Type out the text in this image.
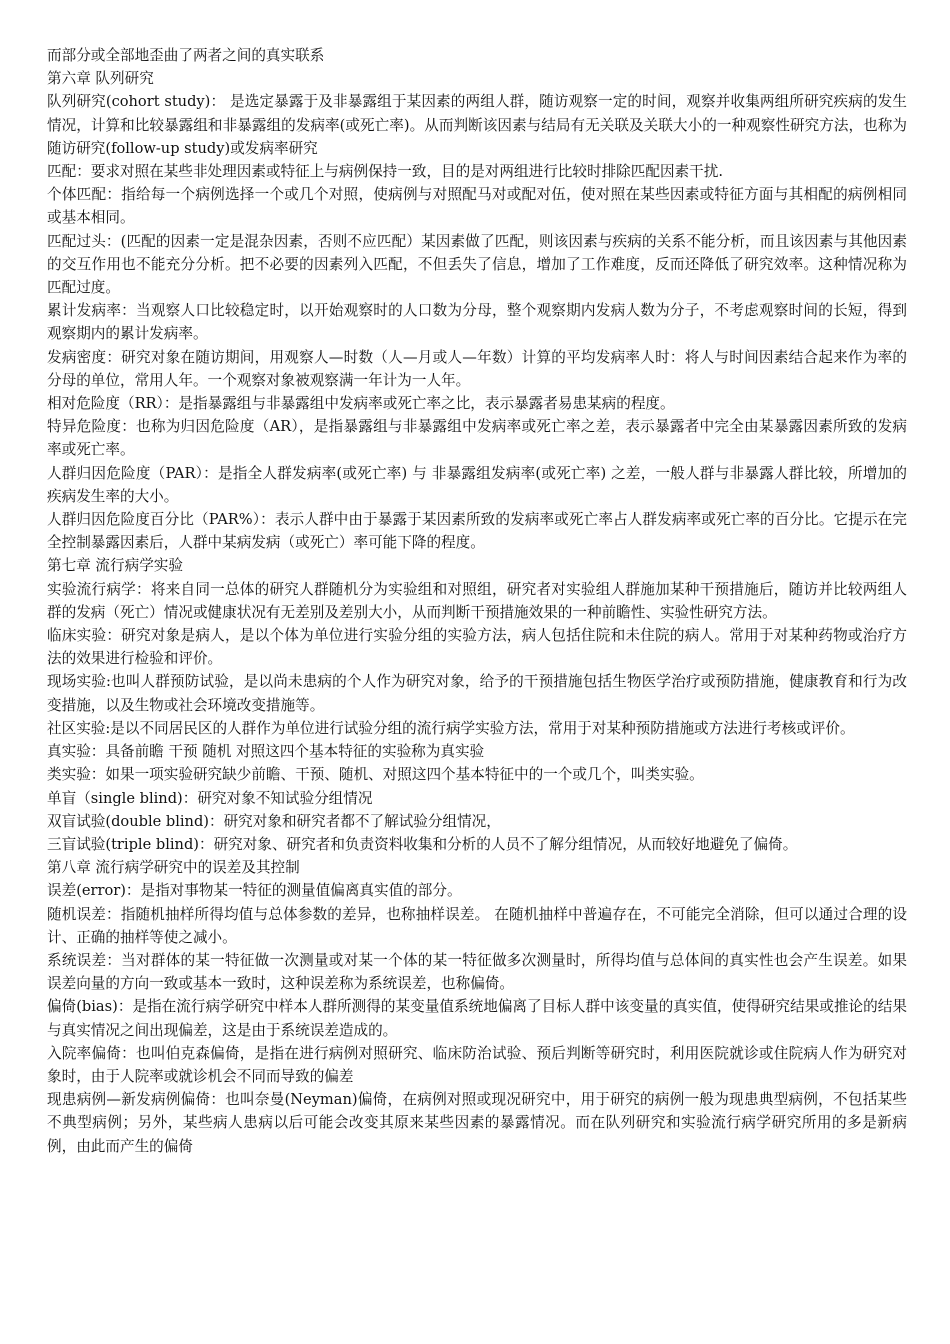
而部分或全部地歪曲了两者之间的真实联系

第六章 队列研究

队列研究(cohort study)： 是选定暴露于及非暴露组于某因素的两组人群，随访观察一定的时间，观察并收集两组所研究疾病的发生情况，计算和比较暴露组和非暴露组的发病率(或死亡率)。从而判断该因素与结局有无关联及关联大小的一种观察性研究方法，也称为随访研究(follow-up study)或发病率研究

匹配：要求对照在某些非处理因素或特征上与病例保持一致，目的是对两组进行比较时排除匹配因素干扰.

个体匹配：指给每一个病例选择一个或几个对照，使病例与对照配马对或配对伍，使对照在某些因素或特征方面与其相配的病例相同或基本相同。

匹配过头：(匹配的因素一定是混杂因素，否则不应匹配）某因素做了匹配，则该因素与疾病的关系不能分析，而且该因素与其他因素的交互作用也不能充分分析。把不必要的因素列入匹配，不但丢失了信息，增加了工作难度，反而还降低了研究效率。这种情况称为匹配过度。

累计发病率：当观察人口比较稳定时，以开始观察时的人口数为分母，整个观察期内发病人数为分子，不考虑观察时间的长短，得到观察期内的累计发病率。

发病密度：研究对象在随访期间，用观察人—时数（人—月或人—年数）计算的平均发病率人时：将人与时间因素结合起来作为率的分母的单位，常用人年。一个观察对象被观察满一年计为一人年。

相对危险度（RR）：是指暴露组与非暴露组中发病率或死亡率之比，表示暴露者易患某病的程度。

特异危险度：也称为归因危险度（AR），是指暴露组与非暴露组中发病率或死亡率之差，表示暴露者中完全由某暴露因素所致的发病率或死亡率。

人群归因危险度（PAR）：是指全人群发病率(或死亡率) 与 非暴露组发病率(或死亡率) 之差，一般人群与非暴露人群比较，所增加的疾病发生率的大小。

人群归因危险度百分比（PAR%）：表示人群中由于暴露于某因素所致的发病率或死亡率占人群发病率或死亡率的百分比。它提示在完全控制暴露因素后，人群中某病发病（或死亡）率可能下降的程度。

第七章 流行病学实验

实验流行病学：将来自同一总体的研究人群随机分为实验组和对照组，研究者对实验组人群施加某种干预措施后，随访并比较两组人群的发病（死亡）情况或健康状况有无差别及差别大小，从而判断干预措施效果的一种前瞻性、实验性研究方法。

临床实验：研究对象是病人，是以个体为单位进行实验分组的实验方法，病人包括住院和未住院的病人。常用于对某种药物或治疗方法的效果进行检验和评价。

现场实验:也叫人群预防试验，是以尚未患病的个人作为研究对象，给予的干预措施包括生物医学治疗或预防措施，健康教育和行为改变措施，以及生物或社会环境改变措施等。

社区实验:是以不同居民区的人群作为单位进行试验分组的流行病学实验方法，常用于对某种预防措施或方法进行考核或评价。

真实验：具备前瞻 干预 随机 对照这四个基本特征的实验称为真实验

类实验：如果一项实验研究缺少前瞻、干预、随机、对照这四个基本特征中的一个或几个，叫类实验。

单盲（single blind)：研究对象不知试验分组情况

双盲试验(double blind)：研究对象和研究者都不了解试验分组情况，

三盲试验(triple blind)：研究对象、研究者和负责资料收集和分析的人员不了解分组情况，从而较好地避免了偏倚。

第八章 流行病学研究中的误差及其控制

误差(error)：是指对事物某一特征的测量值偏离真实值的部分。

随机误差：指随机抽样所得均值与总体参数的差异，也称抽样误差。 在随机抽样中普遍存在，不可能完全消除，但可以通过合理的设计、正确的抽样等使之减小。

系统误差：当对群体的某一特征做一次测量或对某一个体的某一特征做多次测量时，所得均值与总体间的真实性也会产生误差。如果误差向量的方向一致或基本一致时，这种误差称为系统误差，也称偏倚。

偏倚(bias)：是指在流行病学研究中样本人群所测得的某变量值系统地偏离了目标人群中该变量的真实值，使得研究结果或推论的结果与真实情况之间出现偏差，这是由于系统误差造成的。

入院率偏倚：也叫伯克森偏倚，是指在进行病例对照研究、临床防治试验、预后判断等研究时，利用医院就诊或住院病人作为研究对象时，由于人院率或就诊机会不同而导致的偏差

现患病例—新发病例偏倚：也叫奈曼(Neyman)偏倚，在病例对照或现况研究中，用于研究的病例一般为现患典型病例，不包括某些不典型病例；另外，某些病人患病以后可能会改变其原来某些因素的暴露情况。而在队列研究和实验流行病学研究所用的多是新病例，由此而产生的偏倚
